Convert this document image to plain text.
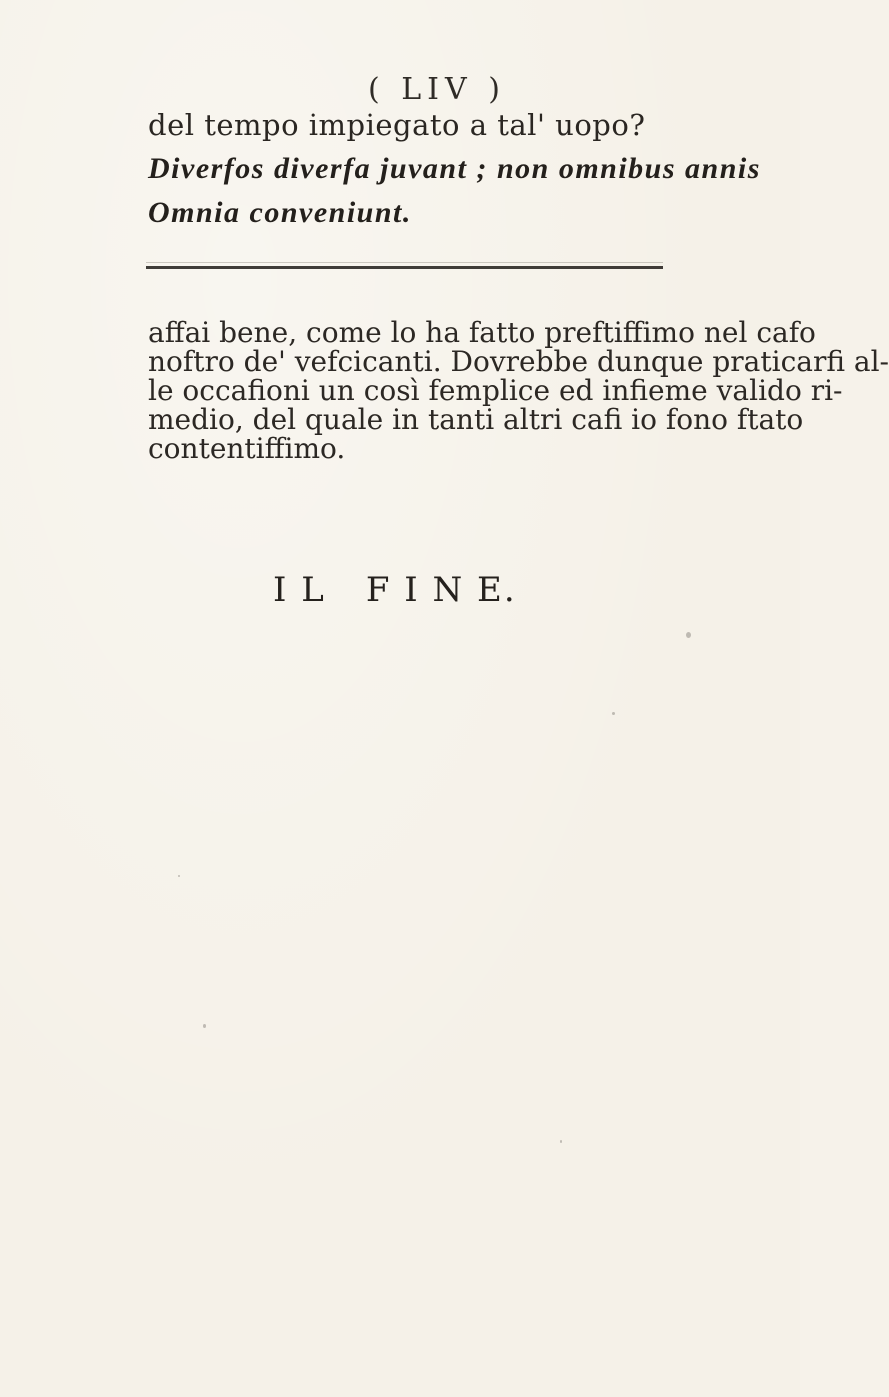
( LIV )
del tempo impiegato a tal' uopo?
Diverfos diverfa juvant ; non omnibus annis
Omnia conveniunt.
affai bene, come lo ha fatto preftiffimo nel cafo
noftro de' vefcicanti. Dovrebbe dunque praticarfi al-
le occafioni un così femplice ed infieme valido ri-
medio, del quale in tanti altri cafi io fono ftato
contentiffimo.
I L F I N E.
